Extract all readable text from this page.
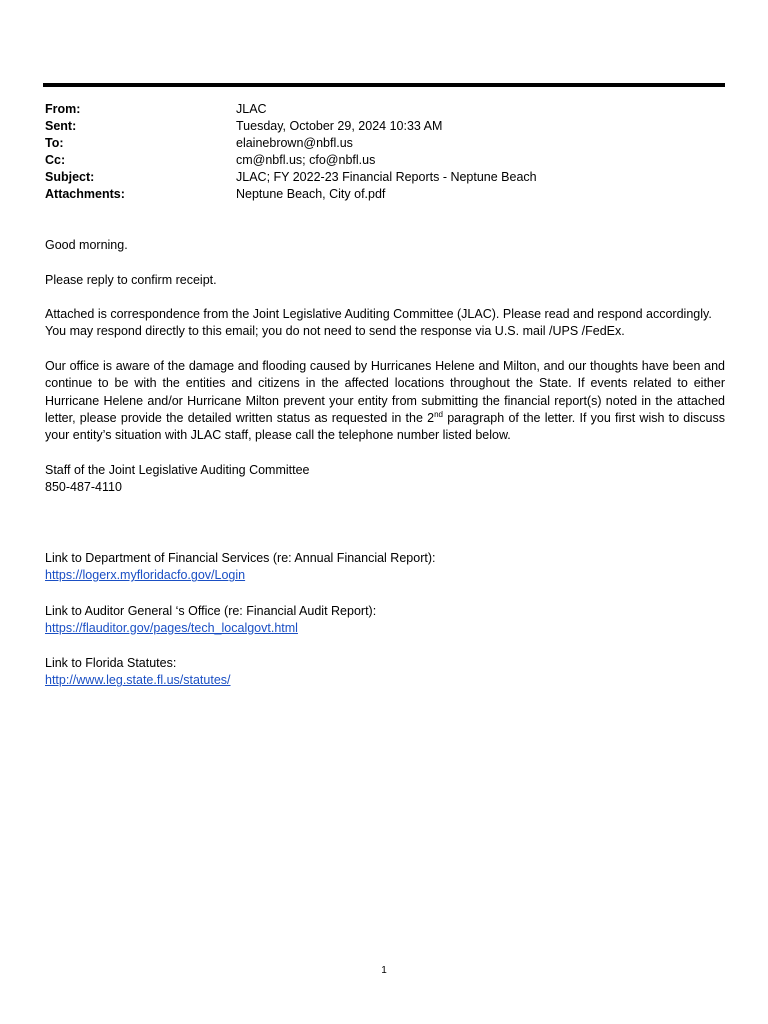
From:	JLAC
Sent:	Tuesday, October 29, 2024 10:33 AM
To:	elainebrown@nbfl.us
Cc:	cm@nbfl.us; cfo@nbfl.us
Subject:	JLAC; FY 2022-23 Financial Reports - Neptune Beach
Attachments:	Neptune Beach, City of.pdf

Good morning.

Please reply to confirm receipt.

Attached is correspondence from the Joint Legislative Auditing Committee (JLAC). Please read and respond accordingly.
You may respond directly to this email; you do not need to send the response via U.S. mail /UPS /FedEx.

Our office is aware of the damage and flooding caused by Hurricanes Helene and Milton, and our thoughts have been and continue to be with the entities and citizens in the affected locations throughout the State. If events related to either Hurricane Helene and/or Hurricane Milton prevent your entity from submitting the financial report(s) noted in the attached letter, please provide the detailed written status as requested in the 2nd paragraph of the letter. If you first wish to discuss your entity’s situation with JLAC staff, please call the telephone number listed below.

Staff of the Joint Legislative Auditing Committee
850-487-4110
Link to Department of Financial Services (re: Annual Financial Report):
https://logerx.myfloridacfo.gov/Login
Link to Auditor General ‘s Office (re: Financial Audit Report):
https://flauditor.gov/pages/tech_localgovt.html
Link to Florida Statutes:
http://www.leg.state.fl.us/statutes/
1
